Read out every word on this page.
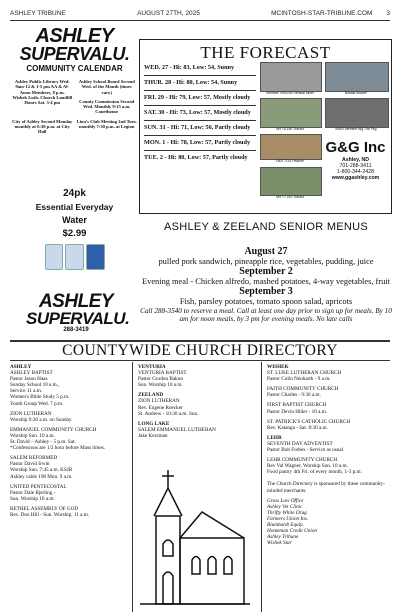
ASHLEY TRIBUNE	AUGUST 27TH, 2025	MCINTOSH-STAR-TRIBUNE.COM 3
ASHLEY
SUPERVALU.
COMMUNITY CALENDAR
Ashley Public Library Wed. 9am-12 & 1-5 pm AA & Al-Anon Members, 8 p.m. Wishek Luth. Church Landfill Hours Sat. 3-4 pm
Ashley School Board Second Wed. of the Month (times vary)
County Commission Second Wed. Monthly 9:15 a.m. Courthouse
City of Ashley Second Monday monthly at 6:30 p.m. at City Hall
Lion's Club Meeting 2nd Tues. monthly 7:30 p.m. at Legion
24pk
Essential Everyday
Water
$2.99
ASHLEY
SUPERVALU.
288-3419
THE FORECAST
WED. 27 - Hi: 83, Low: 54, Sunny
THUR. 28 - Hi: 80, Low: 54, Sunny
FRI. 29 - Hi: 79, Low: 57, Mostly cloudy
SAT. 30 - Hi: 73, Low: 57, Mostly cloudy
SUN. 31 - Hi: 71, Low: 56, Partly cloudy
MON. 1 - Hi: 78, Low: 57, Partly cloudy
TUE. 2 - Hi: 80, Low: 57, Partly cloudy
Vermeer VSM240 Vertical Mixer	Bobcat Mower!
NH T6.180 Tractor	606N Vermeer Big Tire Pkg
H&S 7114 Pasture
NH T7.210 Tractor
G&G Inc
Ashley, ND
701-288-3411
1-800-344-2428
www.ggashley.com
ASHLEY & ZEELAND SENIOR MENUS
August 27
pulled pork sandwich, pineapple rice, vegetables, pudding, juice
September 2
Evening meal - Chicken alfredo, mashed potatoes, 4-way vegetables, fruit
September 3
Fish, parsley potatoes, tomato spoon salad, apricots
Call 288-3540 to reserve a meal. Call at least one day prior to sign up for meals. By 10 am for noon meals, by 3 pm for evening meals. No late calls
COUNTYWIDE CHURCH DIRECTORY

ASHLEY
ASHLEY BAPTIST
Pastor Jason Haas
Sunday School 10 a.m.,
Service 11 a.m.
Women's Bible Study 5 p.m.
Youth Group Wed. 7 p.m.

ZION LUTHERAN
Worship 9:30 a.m. on Sunday

EMMANUEL COMMUNITY CHURCH
Worship Sun. 10 a.m.
St. David – Ashley - 5 p.m. Sat.
*Confessions are 1/2 hour before Mass times.

SALEM REFORMED
Pastor David Irwin
Worship Sun. 7:45 a.m. KSJB
Ashley cable 198 Mon. 9 a.m.

UNITED PENTECOSTAL
Pastor Dale Bjerling -
Sun. Worship 10 a.m.

BETHEL ASSEMBLY OF GOD
Rev. Don Hill - Sun. Worship, 11 a.m.

VENTURIA
VENTURIA BAPTIST
Pastor Gordon Bakun
Sun. Worship 10 a.m.

ZEELAND
ZION LUTHERAN
Rev. Eugene Roecker
St. Andrew - 10:30 a.m. Sun.

LONG LAKE
SALEM EMMANUEL LUTHERAN
Jake Kerzman

WISHEK
ST. LUKE LUTHERAN CHURCH
Pastor Colin Neuharth - 9 a.m.

FAITH COMMUNITY CHURCH
Pastor Charles - 9:30 a.m.

FIRST BAPTIST CHURCH
Pastor Devin Hiller - 10 a.m.

ST. PATRICK'S CATHOLIC CHURCH
Rev. Katanga - Sat. 8:30 a.m.

LEHR
SEVENTH DAY ADVENTIST
Pastor Bob Forbes - Service as usual

LEHR COMMUNITY CHURCH
Rev Val Wagner, Worship Sun. 10 a.m.
Food pantry 4th Fri. of every month, 1-3 p.m.

The Church Directory is sponsored by these community-minded merchants:

Gross Law Office
Ashley Vet Clinic
Thrifty White Drug
Farmers Union Ins.
Blumhardt Equip.
Homeman Credit Union
Ashley Tribune
Wishek Star
